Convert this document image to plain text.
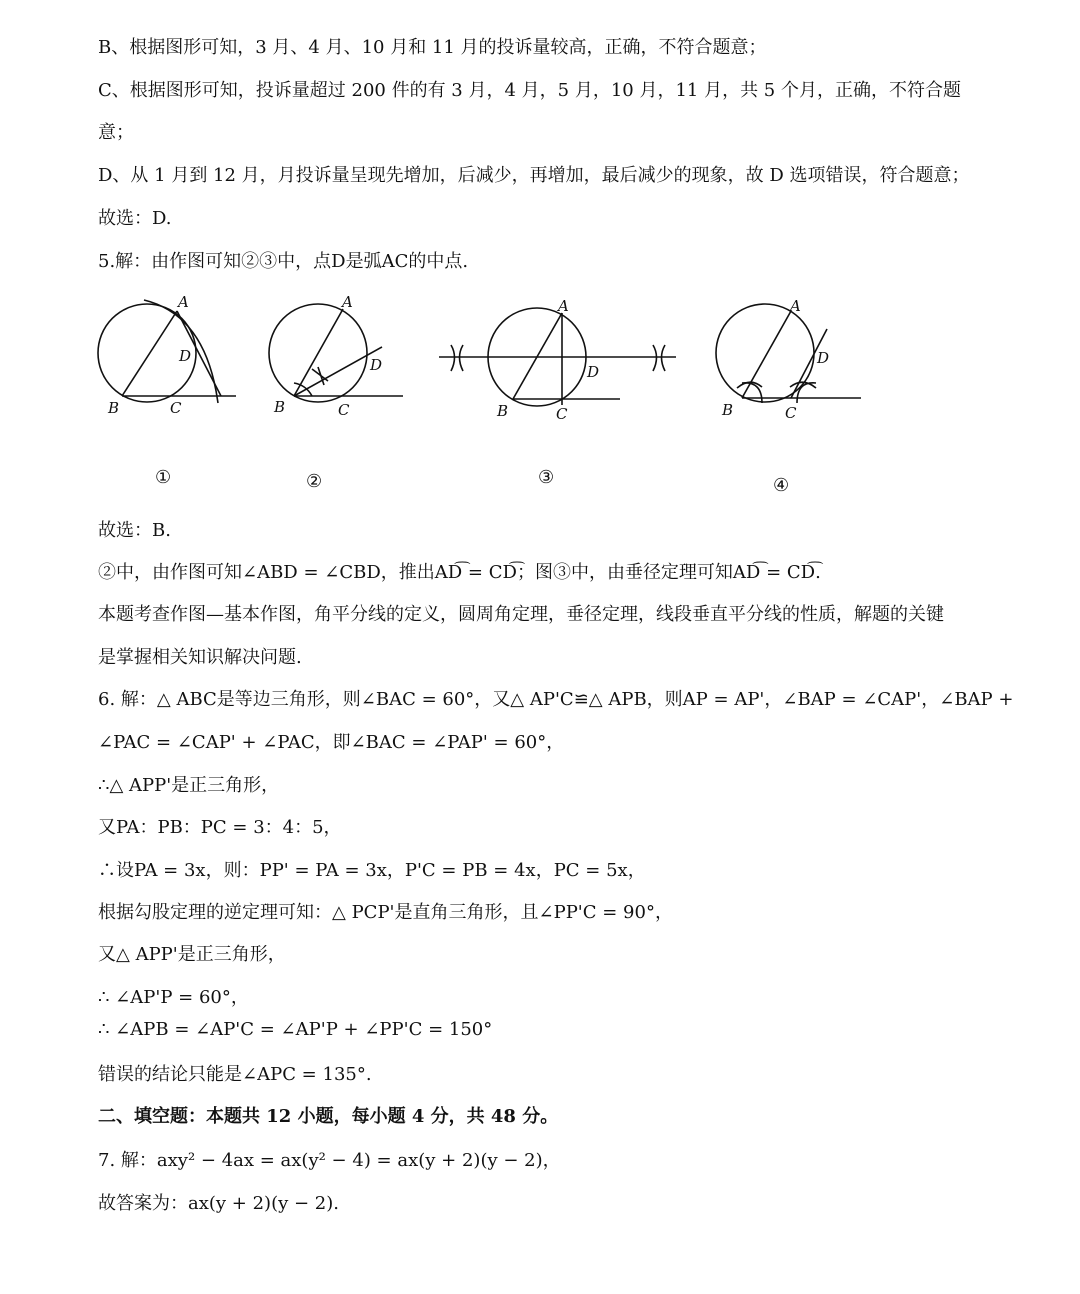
B、根据图形可知，3 月、4 月、10 月和 11 月的投诉量较高，正确，不符合题意；
C、根据图形可知，投诉量超过 200 件的有 3 月，4 月，5 月，10 月，11 月，共 5 个月，正确，不符合题
意；
D、从 1 月到 12 月，月投诉量呈现先增加，后减少，再增加，最后减少的现象，故 D 选项错误，符合题意；
故选：D.
5.解：由作图可知②③中，点D是弧AC的中点.
A
B	C
D
①
A
B	C
D
②
A
B	C
D
③
A
B	C
D
④
故选：B.
②中，由作图可知∠ABD = ∠CBD，推出AD͡ = CD͡；图③中，由垂径定理可知AD͡ = CD͡.
本题考查作图—基本作图，角平分线的定义，圆周角定理，垂径定理，线段垂直平分线的性质，解题的关键
是掌握相关知识解决问题.
6. 解：△ ABC是等边三角形，则∠BAC = 60°，又△ AP'C≌△ APB，则AP = AP'，∠BAP = ∠CAP'，∠BAP +
∠PAC = ∠CAP' + ∠PAC，即∠BAC = ∠PAP' = 60°，
∴△ APP'是正三角形，
又PA：PB：PC = 3：4：5，
∴设PA = 3x，则：PP' = PA = 3x，P'C = PB = 4x，PC = 5x，
根据勾股定理的逆定理可知：△ PCP'是直角三角形，且∠PP'C = 90°，
又△ APP'是正三角形，
∴ ∠AP'P = 60°，
∴ ∠APB = ∠AP'C = ∠AP'P + ∠PP'C = 150°
错误的结论只能是∠APC = 135°.
二、填空题：本题共 12 小题，每小题 4 分，共 48 分。
7. 解：axy² − 4ax = ax(y² − 4) = ax(y + 2)(y − 2)，
故答案为：ax(y + 2)(y − 2).
